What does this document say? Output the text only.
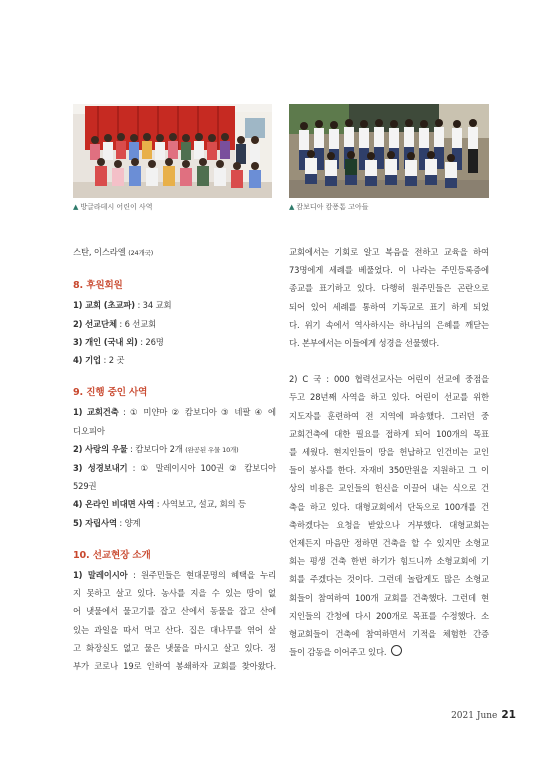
▲ 방글라데시 어린이 사역	▲ 캄보디아 캄퐁톰 고아들

스탄, 이스라엘 (24개국)

8. 후원회원

1) 교회 (초교파) : 34 교회

2) 선교단체 : 6 선교회

3) 개인 (국내 외) : 26명

4) 기업 : 2 곳

9. 진행 중인 사역

1) 교회건축 : ① 미얀마 ② 캄보디아 ③ 네팔 ④ 에

디오피아

2) 사랑의 우물 : 캄보디아 2개 (완공된 우물 10개)

3) 성경보내기 : ① 말레이시아 100권 ② 캄보디아

529권

4) 온라인 비대면 사역 : 사역보고, 설교, 회의 등

5) 자립사역 : 양계

10. 선교현장 소개

1) 말레이시아 : 원주민들은 현대문명의 혜택을 누리

지 못하고 살고 있다. 농사를 지을 수 있는 땅이 없

어 냇물에서 물고기를 잡고 산에서 동물을 잡고 산에

있는 과일을 따서 먹고 산다. 집은 대나무를 엮어 살

고 화장실도 없고 물은 냇물을 마시고 살고 있다. 정

부가 코로나 19로 인하여 봉쇄하자 교회를 찾아왔다.

교회에서는 기회로 알고 복음을 전하고 교육을 하여

73명에게 세례를 베풀었다. 이 나라는 주민등록증에

종교를 표기하고 있다. 다행히 원주민들은 곤란으로

되어 있어 세례를 통하여 기독교로 표기 하게 되었

다. 위기 속에서 역사하시는 하나님의 은혜를 깨닫는

다. 본부에서는 이들에게 성경을 선물했다.

2) C 국 : 000 협력선교사는 어린이 선교에 중점을

두고 28년째 사역을 하고 있다. 어린이 선교를 위한

지도자를 훈련하여 전 지역에 파송했다. 그러던 중

교회건축에 대한 필요를 접하게 되어 100개의 목표

를 세웠다. 현지인들이 땅을 헌납하고 인건비는 교인

들이 봉사를 한다. 자재비 350만원을 지원하고 그 이

상의 비용은 교인들의 헌신을 이끌어 내는 식으로 건

축을 하고 있다. 대형교회에서 단독으로 100개를 건

축하겠다는 요청을 받았으나 거부했다. 대형교회는

언제든지 마음만 정하면 건축을 할 수 있지만 소형교

회는 평생 건축 한번 하기가 힘드니까 소형교회에 기

회를 주겠다는 것이다. 그런데 놀랍게도 많은 소형교

회들이 참여하여 100개 교회를 건축했다. 그런데 현

지인들의 간청에 다시 200개로 목표를 수정했다. 소

형교회들이 건축에 참여하면서 기적을 체험한 간증

들이 감동을 이어주고 있다.

2021 June 21
